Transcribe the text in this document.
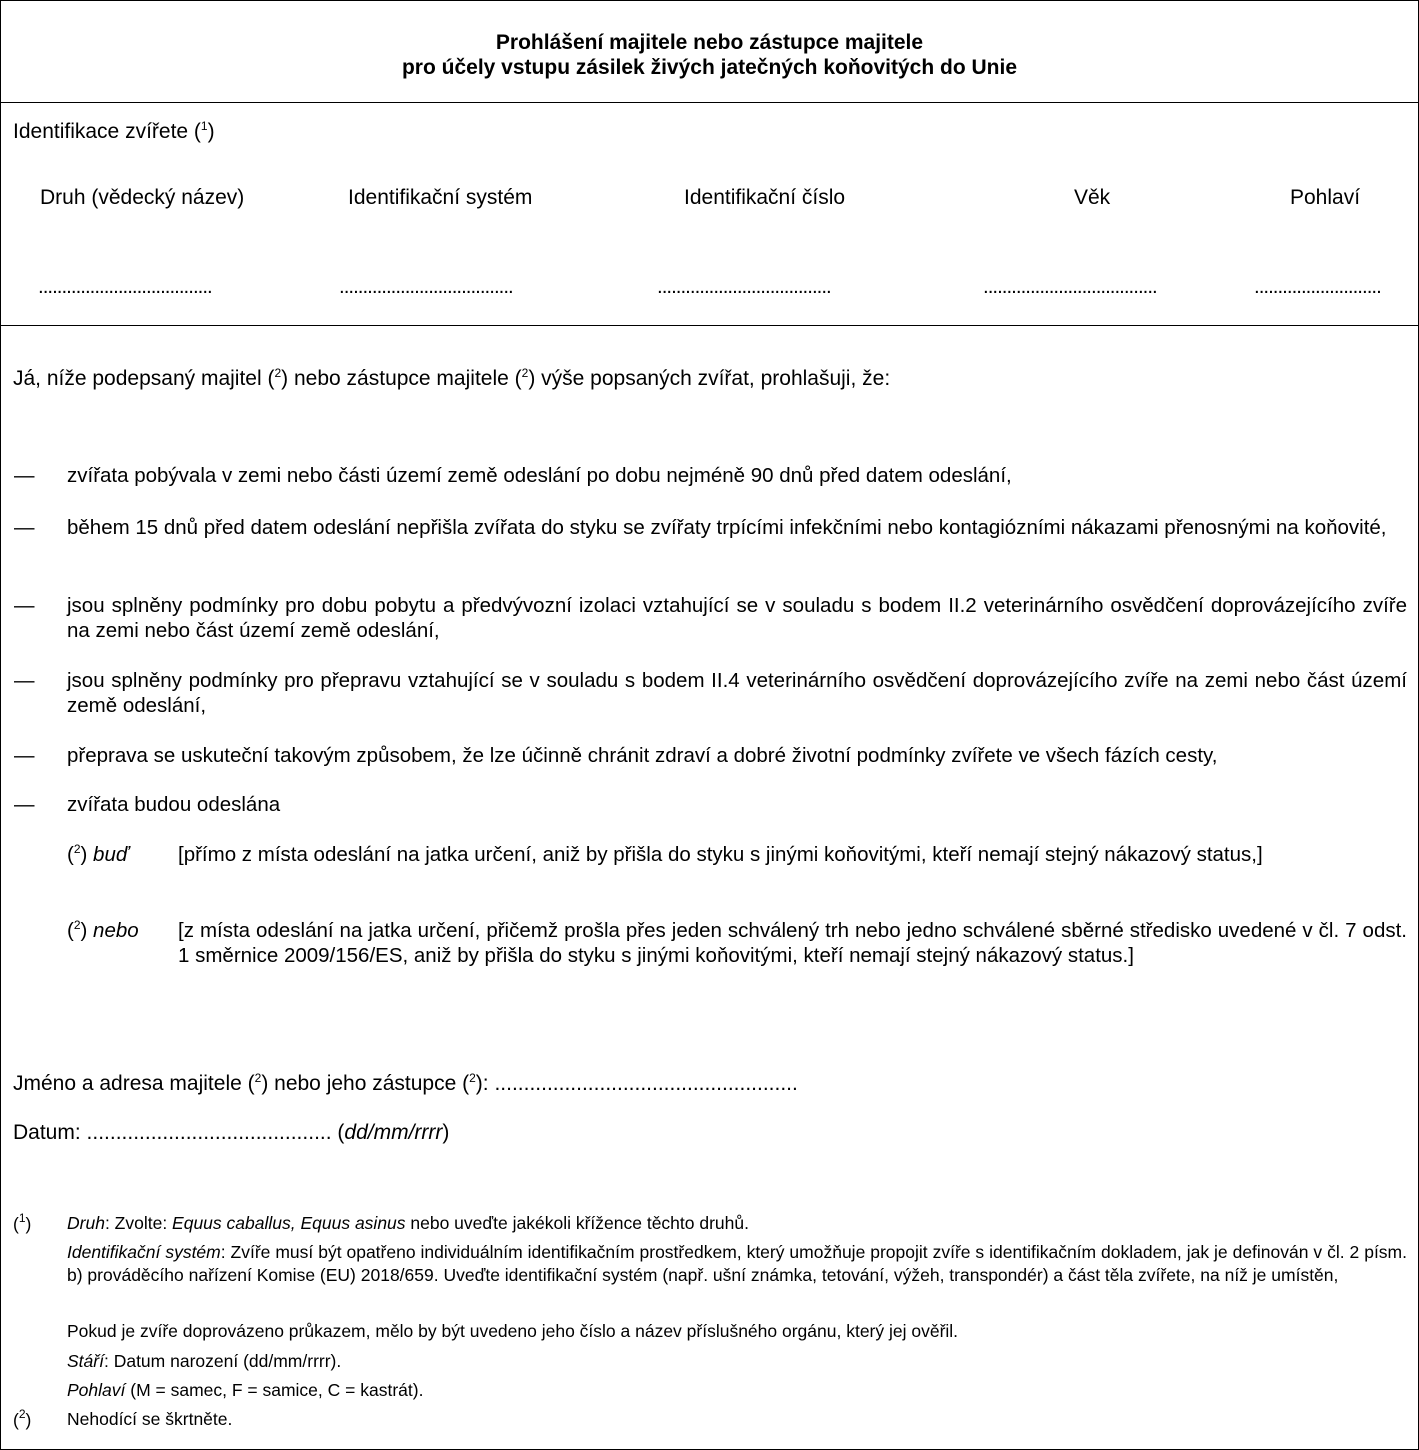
Prohlášení majitele nebo zástupce majitele
pro účely vstupu zásilek živých jatečných koňovitých do Unie
Identifikace zvířete ($^1$)
Druh (vědecký název)	Identifikační systém	Identifikační číslo	Věk	Pohlaví
.....................................	.....................................	.....................................	.....................................	...........................
Já, níže podepsaný majitel ($^2$) nebo zástupce majitele ($^2$) výše popsaných zvířat, prohlašuji, že:
— zvířata pobývala v zemi nebo části území země odeslání po dobu nejméně 90 dnů před datem odeslání,
— během 15 dnů před datem odeslání nepřišla zvířata do styku se zvířaty trpícími infekčními nebo kontagiózními nákazami přenosnými na koňovité,
— jsou splněny podmínky pro dobu pobytu a předvývozní izolaci vztahující se v souladu s bodem II.2 veterinárního osvědčení doprovázejícího zvíře na zemi nebo část území země odeslání,
— jsou splněny podmínky pro přepravu vztahující se v souladu s bodem II.4 veterinárního osvědčení doprovázejícího zvíře na zemi nebo část území země odeslání,
— přeprava se uskuteční takovým způsobem, že lze účinně chránit zdraví a dobré životní podmínky zvířete ve všech fázích cesty,
— zvířata budou odeslána
($^2$) buď [přímo z místa odeslání na jatka určení, aniž by přišla do styku s jinými koňovitými, kteří nemají stejný nákazový status,]
($^2$) nebo [z místa odeslání na jatka určení, přičemž prošla přes jeden schválený trh nebo jedno schválené sběrné středisko uvedené v čl. 7 odst. 1 směrnice 2009/156/ES, aniž by přišla do styku s jinými koňovitými, kteří nemají stejný nákazový status.]
Jméno a adresa majitele ($^2$) nebo jeho zástupce ($^2$): ....................................................
Datum: .......................................... (dd/mm/rrrr)
($^1$) Druh: Zvolte: Equus caballus, Equus asinus nebo uveďte jakékoli křížence těchto druhů.
Identifikační systém: Zvíře musí být opatřeno individuálním identifikačním prostředkem, který umožňuje propojit zvíře s identifikačním dokladem, jak je definován v čl. 2 písm. b) prováděcího nařízení Komise (EU) 2018/659. Uveďte identifikační systém (např. ušní známka, tetování, výžeh, transpondér) a část těla zvířete, na níž je umístěn,
Pokud je zvíře doprovázeno průkazem, mělo by být uvedeno jeho číslo a název příslušného orgánu, který jej ověřil.
Stáří: Datum narození (dd/mm/rrrr).
Pohlaví (M = samec, F = samice, C = kastrát).
($^2$) Nehodící se škrtněte.
